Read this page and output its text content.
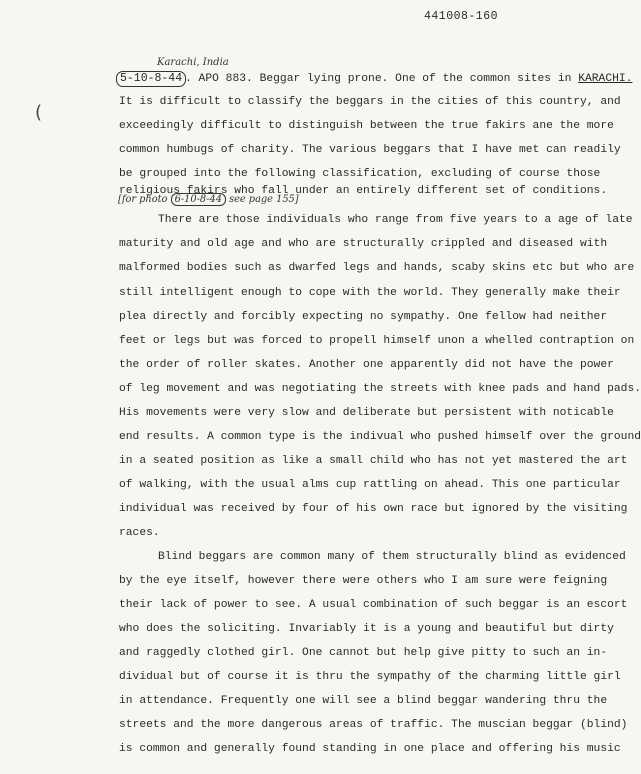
441008-160
Karachi, India
(
5-10-8-44 . APO 883. Beggar lying prone. One of the common sites in KARACHI.
It is difficult to classify the beggars in the cities of this country, and
exceedingly difficult to distinguish between the true fakirs ane the more
common humbugs of charity. The various beggars that I have met can readily
be grouped into the following classification, excluding of course those
religious fakirs who fall under an entirely different set of conditions.
[for photo 6-10-8-44 see page 155]
There are those individuals who range from five years to a age of late
maturity and old age and who are structurally crippled and diseased with
malformed bodies such as dwarfed legs and hands, scaby skins etc but who are
still intelligent enough to cope with the world. They generally make their
plea directly and forcibly expecting no sympathy. One fellow had neither
feet or legs but was forced to propell himself unon a whelled contraption on
the order of roller skates. Another one apparently did not have the power
of leg movement and was negotiating the streets with knee pads and hand pads.
His movements were very slow and deliberate but persistent with noticable
end results. A common type is the indivual who pushed himself over the ground
in a seated position as like a small child who has not yet mastered the art
of walking, with the usual alms cup rattling on ahead. This one particular
individual was received by four of his own race but ignored by the visiting
races.
Blind beggars are common many of them structurally blind as evidenced
by the eye itself, however there were others who I am sure were feigning
their lack of power to see. A usual combination of such beggar is an escort
who does the soliciting. Invariably it is a young and beautiful but dirty
and raggedly clothed girl. One cannot but help give pitty to such an in-
dividual but of course it is thru the sympathy of the charming little girl
in attendance. Frequently one will see a blind beggar wandering thru the
streets and the more dangerous areas of traffic. The muscian beggar (blind)
is common and generally found standing in one place and offering his music
